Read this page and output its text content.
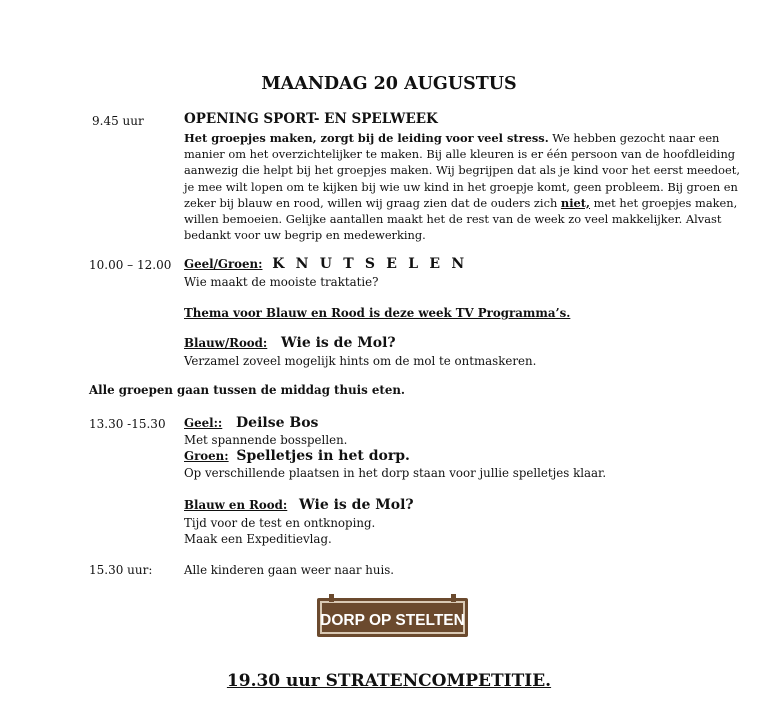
MAANDAG 20 AUGUSTUS
9.45 uur	OPENING SPORT- EN SPELWEEK
Het groepjes maken, zorgt bij de leiding voor veel stress. We hebben gezocht naar een manier om het overzichtelijker te maken. Bij alle kleuren is er één persoon van de hoofdleiding aanwezig die helpt bij het groepjes maken. Wij begrijpen dat als je kind voor het eerst meedoet, je mee wilt lopen om te kijken bij wie uw kind in het groepje komt, geen probleem. Bij groen en zeker bij blauw en rood, willen wij graag zien dat de ouders zich niet, met het groepjes maken, willen bemoeien. Gelijke aantallen maakt het de rest van de week zo veel makkelijker. Alvast bedankt voor uw begrip en medewerking.
10.00 – 12.00 Geel/Groen: K N U T S E L E N
Wie maakt de mooiste traktatie?
Thema voor Blauw en Rood is deze week TV Programma’s.
Blauw/Rood: Wie is de Mol?
Verzamel zoveel mogelijk hints om de mol te ontmaskeren.
Alle groepen gaan tussen de middag thuis eten.
13.30 -15.30 Geel:: Deilse Bos
Met spannende bosspellen.
Groen: Spelletjes in het dorp.
Op verschillende plaatsen in het dorp staan voor jullie spelletjes klaar.
Blauw en Rood: Wie is de Mol?
Tijd voor de test en ontknoping.
Maak een Expeditievlag.
15.30 uur:	Alle kinderen gaan weer naar huis.
DORP OP STELTEN
19.30 uur STRATENCOMPETITIE.
